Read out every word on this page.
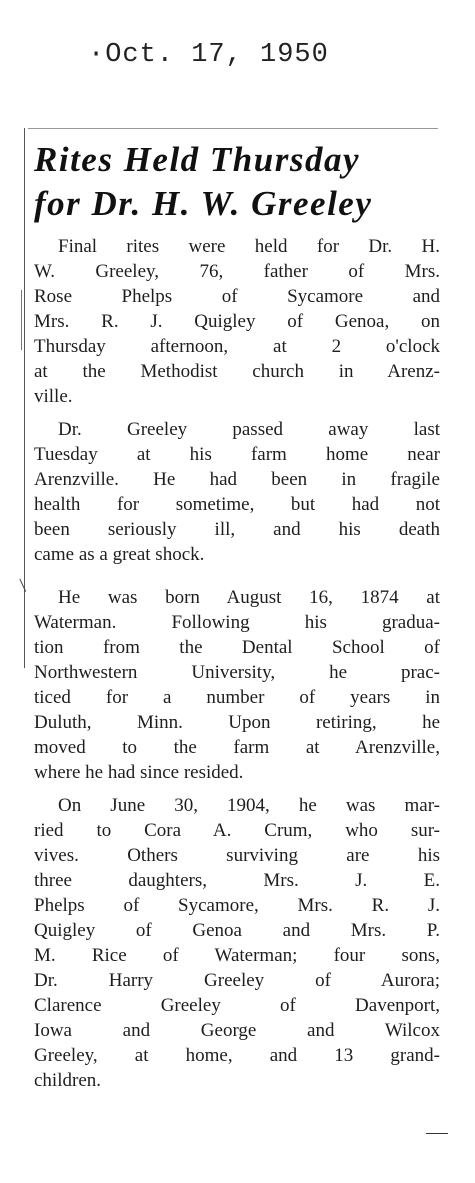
·Oct. 17, 1950
Rites Held Thursday
for Dr. H. W. Greeley

Final rites were held for Dr. H.
W. Greeley, 76, father of Mrs.
Rose Phelps of Sycamore and
Mrs. R. J. Quigley of Genoa, on
Thursday afternoon, at 2 o'clock
at the Methodist church in Arenz-
ville.

Dr. Greeley passed away last
Tuesday at his farm home near
Arenzville. He had been in fragile
health for sometime, but had not
been seriously ill, and his death
came as a great shock.

He was born August 16, 1874 at
Waterman. Following his gradua-
tion from the Dental School of
Northwestern University, he prac-
ticed for a number of years in
Duluth, Minn. Upon retiring, he
moved to the farm at Arenzville,
where he had since resided.

On June 30, 1904, he was mar-
ried to Cora A. Crum, who sur-
vives. Others surviving are his
three daughters, Mrs. J. E.
Phelps of Sycamore, Mrs. R. J.
Quigley of Genoa and Mrs. P.
M. Rice of Waterman; four sons,
Dr. Harry Greeley of Aurora;
Clarence Greeley of Davenport,
Iowa and George and Wilcox
Greeley, at home, and 13 grand-
children.
